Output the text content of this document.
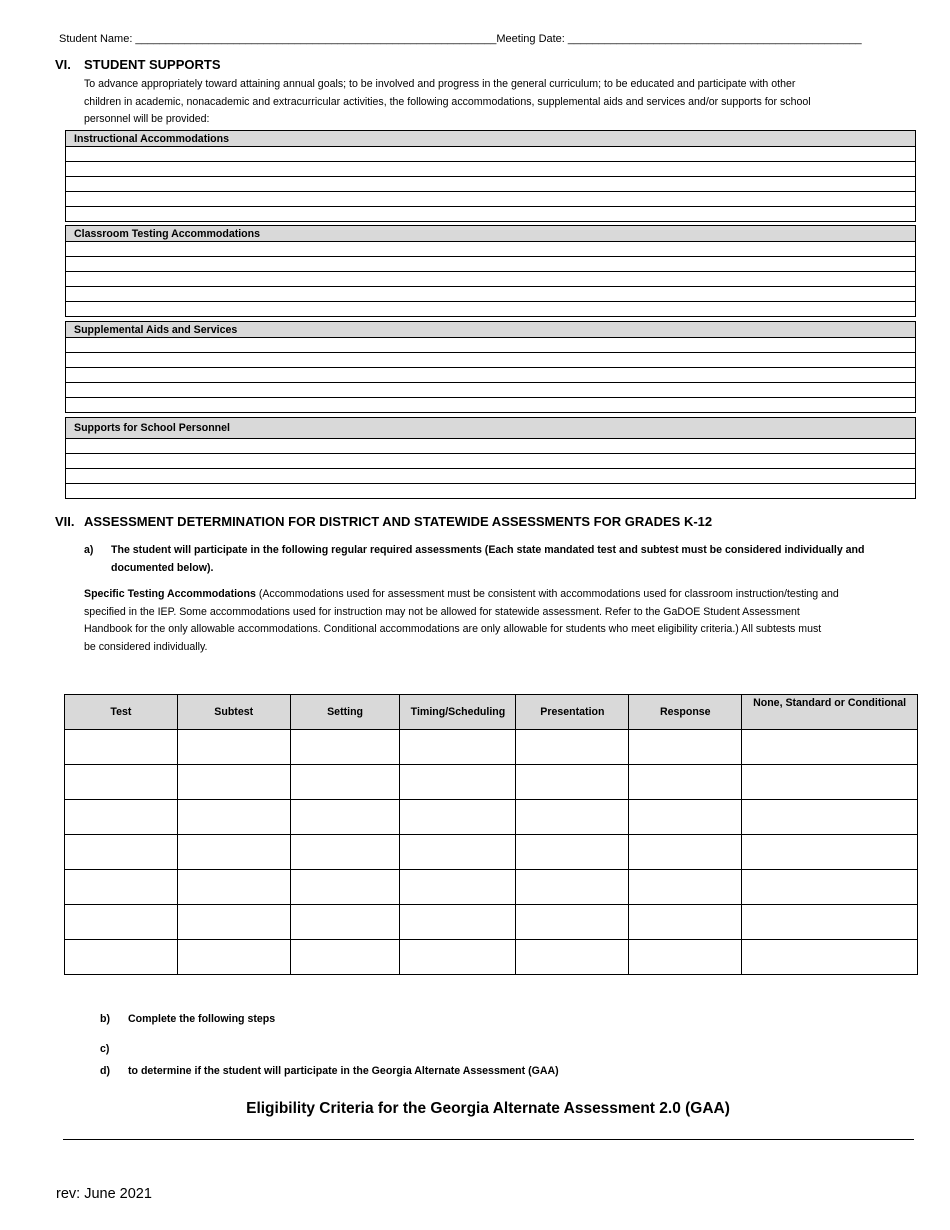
Student Name: ___________________________________________________________Meeting Date: ________________________________________________
VI. STUDENT SUPPORTS
To advance appropriately toward attaining annual goals; to be involved and progress in the general curriculum; to be educated and participate with other
children in academic, nonacademic and extracurricular activities, the following accommodations, supplemental aids and services and/or supports for school
personnel will be provided:
Instructional Accommodations

Classroom Testing Accommodations

Supplemental Aids and Services

Supports for School Personnel

VII. ASSESSMENT DETERMINATION FOR DISTRICT AND STATEWIDE ASSESSMENTS FOR GRADES K-12
a) The student will participate in the following regular required assessments (Each state mandated test and subtest must be considered individually and
documented below).
Specific Testing Accommodations (Accommodations used for assessment must be consistent with accommodations used for classroom instruction/testing and
specified in the IEP. Some accommodations used for instruction may not be allowed for statewide assessment. Refer to the GaDOE Student Assessment
Handbook for the only allowable accommodations. Conditional accommodations are only allowable for students who meet eligibility criteria.) All subtests must
be considered individually.
Test	Subtest	Setting	Timing/Scheduling	Presentation	Response	None, Standard or Conditional

b) Complete the following steps
c)
d) to determine if the student will participate in the Georgia Alternate Assessment (GAA)
Eligibility Criteria for the Georgia Alternate Assessment 2.0 (GAA)
rev: June 2021
